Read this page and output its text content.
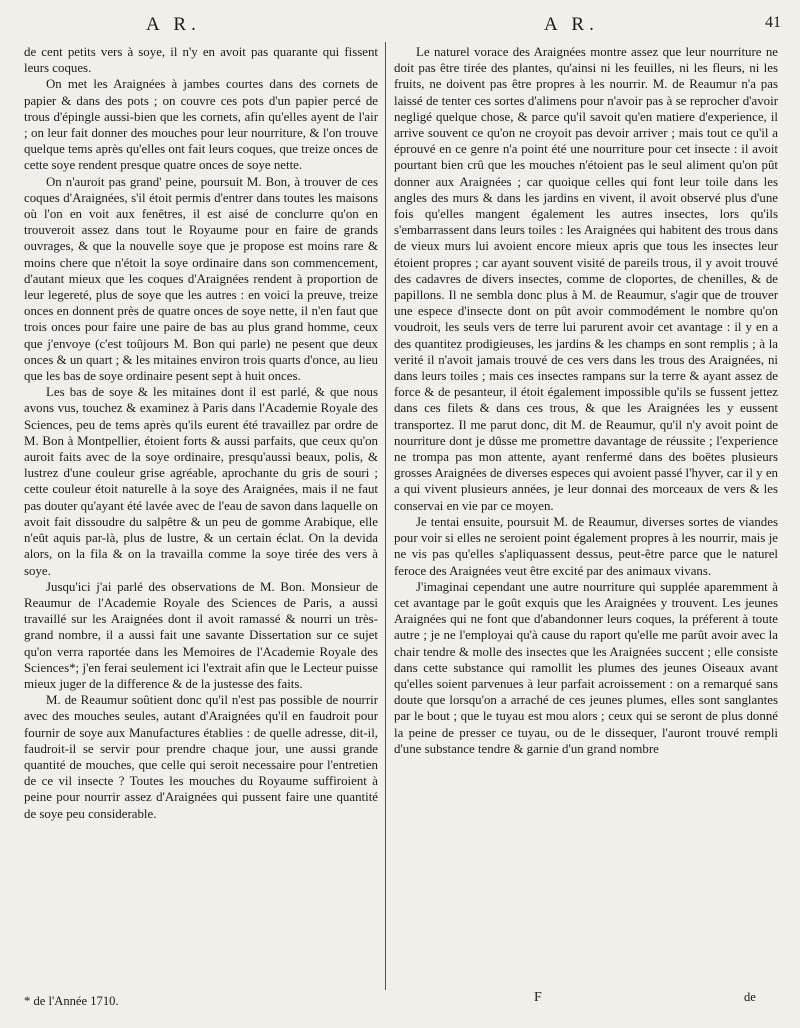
A R.	A R.	41

de cent petits vers à soye, il n'y en avoit pas quarante qui fissent leurs coques.

On met les Araignées à jambes courtes dans des cornets de papier & dans des pots ; on couvre ces pots d'un papier percé de trous d'épingle aussi-bien que les cornets, afin qu'elles ayent de l'air ; on leur fait donner des mouches pour leur nourriture, & l'on trouve quelque tems après qu'elles ont fait leurs coques, que treize onces de cette soye rendent presque quatre onces de soye nette.

On n'auroit pas grand' peine, poursuit M. Bon, à trouver de ces coques d'Araignées, s'il étoit permis d'entrer dans toutes les maisons où l'on en voit aux fenêtres, il est aisé de conclurre qu'on en trouveroit assez dans tout le Royaume pour en faire de grands ouvrages, & que la nouvelle soye que je propose est moins rare & moins chere que n'étoit la soye ordinaire dans son commencement, d'autant mieux que les coques d'Araignées rendent à proportion de leur legereté, plus de soye que les autres : en voici la preuve, treize onces en donnent près de quatre onces de soye nette, il n'en faut que trois onces pour faire une paire de bas au plus grand homme, ceux que j'envoye (c'est toûjours M. Bon qui parle) ne pesent que deux onces & un quart ; & les mitaines environ trois quarts d'once, au lieu que les bas de soye ordinaire pesent sept à huit onces.

Les bas de soye & les mitaines dont il est parlé, & que nous avons vus, touchez & examinez à Paris dans l'Academie Royale des Sciences, peu de tems après qu'ils eurent été travaillez par ordre de M. Bon à Montpellier, étoient forts & aussi parfaits, que ceux qu'on auroit faits avec de la soye ordinaire, presqu'aussi beaux, polis, & lustrez d'une couleur grise agréable, aprochante du gris de souri ; cette couleur étoit naturelle à la soye des Araignées, mais il ne faut pas douter qu'ayant été lavée avec de l'eau de savon dans laquelle on avoit fait dissoudre du salpêtre & un peu de gomme Arabique, elle n'eût aquis par-là, plus de lustre, & un certain éclat. On la devida alors, on la fila & on la travailla comme la soye tirée des vers à soye.

Jusqu'ici j'ai parlé des observations de M. Bon. Monsieur de Reaumur de l'Academie Royale des Sciences de Paris, a aussi travaillé sur les Araignées dont il avoit ramassé & nourri un très-grand nombre, il a aussi fait une savante Dissertation sur ce sujet qu'on verra raportée dans les Memoires de l'Academie Royale des Sciences*; j'en ferai seulement ici l'extrait afin que le Lecteur puisse mieux juger de la difference & de la justesse des faits.

M. de Reaumur soûtient donc qu'il n'est pas possible de nourrir avec des mouches seules, autant d'Araignées qu'il en faudroit pour fournir de soye aux Manufactures établies : de quelle adresse, dit-il, faudroit-il se servir pour prendre chaque jour, une aussi grande quantité de mouches, que celle qui seroit necessaire pour l'entretien de ce vil insecte ? Toutes les mouches du Royaume suffiroient à peine pour nourrir assez d'Araignées qui pussent faire une quantité de soye peu considerable.

Le naturel vorace des Araignées montre assez que leur nourriture ne doit pas être tirée des plantes, qu'ainsi ni les feuilles, ni les fleurs, ni les fruits, ne doivent pas être propres à les nourrir. M. de Reaumur n'a pas laissé de tenter ces sortes d'alimens pour n'avoir pas à se reprocher d'avoir negligé quelque chose, & parce qu'il savoit qu'en matiere d'experience, il arrive souvent ce qu'on ne croyoit pas devoir arriver ; mais tout ce qu'il a éprouvé en ce genre n'a point été une nourriture pour cet insecte : il avoit pourtant bien crû que les mouches n'étoient pas le seul aliment qu'on pût donner aux Araignées ; car quoique celles qui font leur toile dans les angles des murs & dans les jardins en vivent, il avoit observé plus d'une fois qu'elles mangent également les autres insectes, lors qu'ils s'embarrassent dans leurs toiles : les Araignées qui habitent des trous dans de vieux murs lui avoient encore mieux apris que tous les insectes leur étoient propres ; car ayant souvent visité de pareils trous, il y avoit trouvé des cadavres de divers insectes, comme de cloportes, de chenilles, & de papillons. Il ne sembla donc plus à M. de Reaumur, s'agir que de trouver une espece d'insecte dont on pût avoir commodément le nombre qu'on voudroit, les seuls vers de terre lui parurent avoir cet avantage : il y en a des quantitez prodigieuses, les jardins & les champs en sont remplis ; à la verité il n'avoit jamais trouvé de ces vers dans les trous des Araignées, ni dans leurs toiles ; mais ces insectes rampans sur la terre & ayant assez de force & de pesanteur, il étoit également impossible qu'ils se fussent jettez dans ces filets & dans ces trous, & que les Araignées les y eussent transportez. Il me parut donc, dit M. de Reaumur, qu'il n'y avoit point de nourriture dont je dûsse me promettre davantage de réussite ; l'experience ne trompa pas mon attente, ayant renfermé dans des boëtes plusieurs grosses Araignées de diverses especes qui avoient passé l'hyver, car il y en a qui vivent plusieurs années, je leur donnai des morceaux de vers & les conservai en vie par ce moyen.

Je tentai ensuite, poursuit M. de Reaumur, diverses sortes de viandes pour voir si elles ne seroient point également propres à les nourrir, mais je ne vis pas qu'elles s'apliquassent dessus, peut-être parce que le naturel feroce des Araignées veut être excité par des animaux vivans.

J'imaginai cependant une autre nourriture qui supplée aparemment à cet avantage par le goût exquis que les Araignées y trouvent. Les jeunes Araignées qui ne font que d'abandonner leurs coques, la préferent à toute autre ; je ne l'employai qu'à cause du raport qu'elle me parût avoir avec la chair tendre & molle des insectes que les Araignées succent ; elle consiste dans cette substance qui ramollit les plumes des jeunes Oiseaux avant qu'elles soient parvenues à leur parfait acroissement : on a remarqué sans doute que lorsqu'on a arraché de ces jeunes plumes, elles sont sanglantes par le bout ; que le tuyau est mou alors ; ceux qui se seront de plus donné la peine de presser ce tuyau, ou de le dissequer, l'auront trouvé rempli d'une substance tendre & garnie d'un grand nombre

* de l'Année 1710.	F	de
